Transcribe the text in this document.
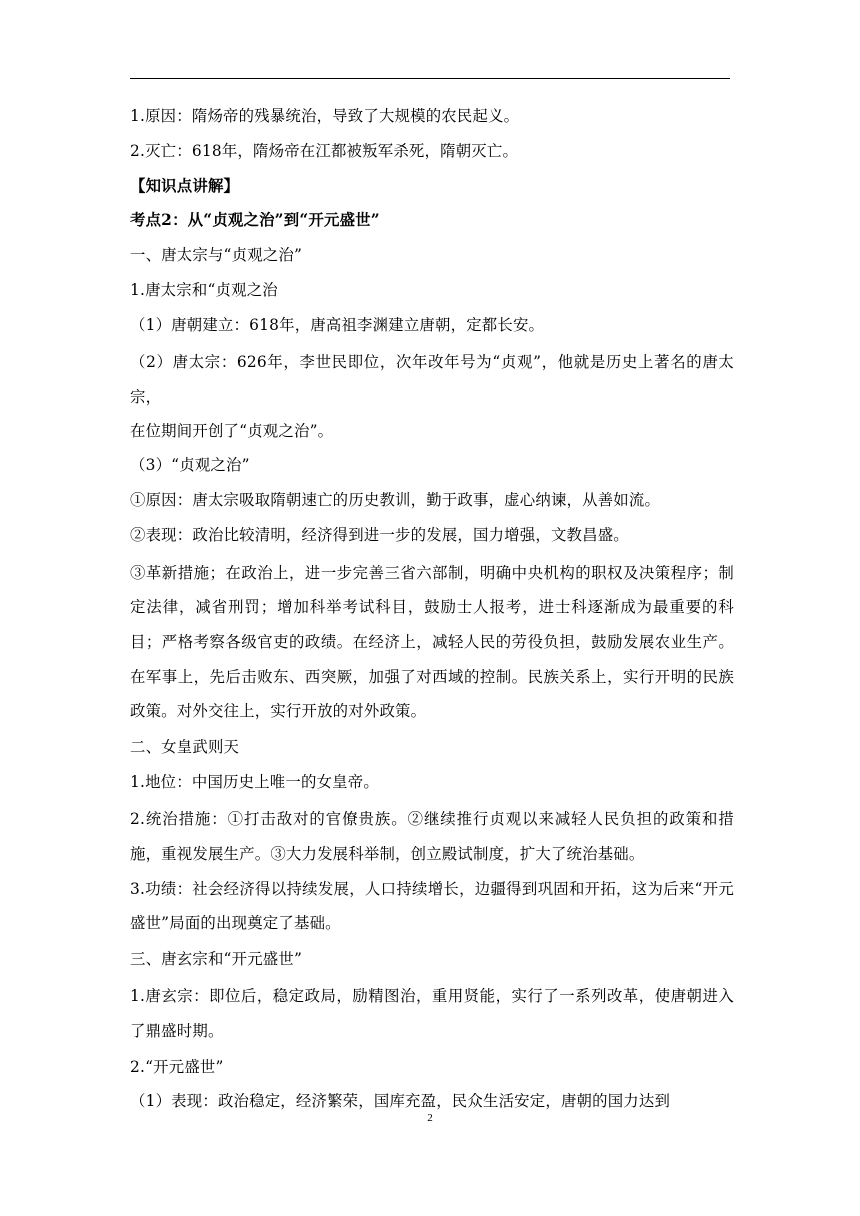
1.原因：隋炀帝的残暴统治，导致了大规模的农民起义。
2.灭亡：618年，隋炀帝在江都被叛军杀死，隋朝灭亡。
【知识点讲解】
考点2：从“贞观之治”到“开元盛世”
一、唐太宗与“贞观之治”
1.唐太宗和“贞观之治
（1）唐朝建立：618年，唐高祖李渊建立唐朝，定都长安。
（2）唐太宗：626年，李世民即位，次年改年号为“贞观”，他就是历史上著名的唐太宗，
在位期间开创了“贞观之治”。
（3）“贞观之治”
①原因：唐太宗吸取隋朝速亡的历史教训，勤于政事，虚心纳谏，从善如流。
②表现：政治比较清明，经济得到进一步的发展，国力增强，文教昌盛。
③革新措施；在政治上，进一步完善三省六部制，明确中央机构的职权及决策程序；制定法律，减省刑罚；增加科举考试科目，鼓励士人报考，进士科逐渐成为最重要的科目；严格考察各级官吏的政绩。在经济上，减轻人民的劳役负担，鼓励发展农业生产。在军事上，先后击败东、西突厥，加强了对西域的控制。民族关系上，实行开明的民族政策。对外交往上，实行开放的对外政策。
二、女皇武则天
1.地位：中国历史上唯一的女皇帝。
2.统治措施：①打击敌对的官僚贵族。②继续推行贞观以来减轻人民负担的政策和措施，重视发展生产。③大力发展科举制，创立殿试制度，扩大了统治基础。
3.功绩：社会经济得以持续发展，人口持续增长，边疆得到巩固和开拓，这为后来“开元盛世”局面的出现奠定了基础。
三、唐玄宗和“开元盛世”
1.唐玄宗：即位后，稳定政局，励精图治，重用贤能，实行了一系列改革，使唐朝进入了鼎盛时期。
2.“开元盛世”
（1）表现：政治稳定，经济繁荣，国库充盈，民众生活安定，唐朝的国力达到
2
